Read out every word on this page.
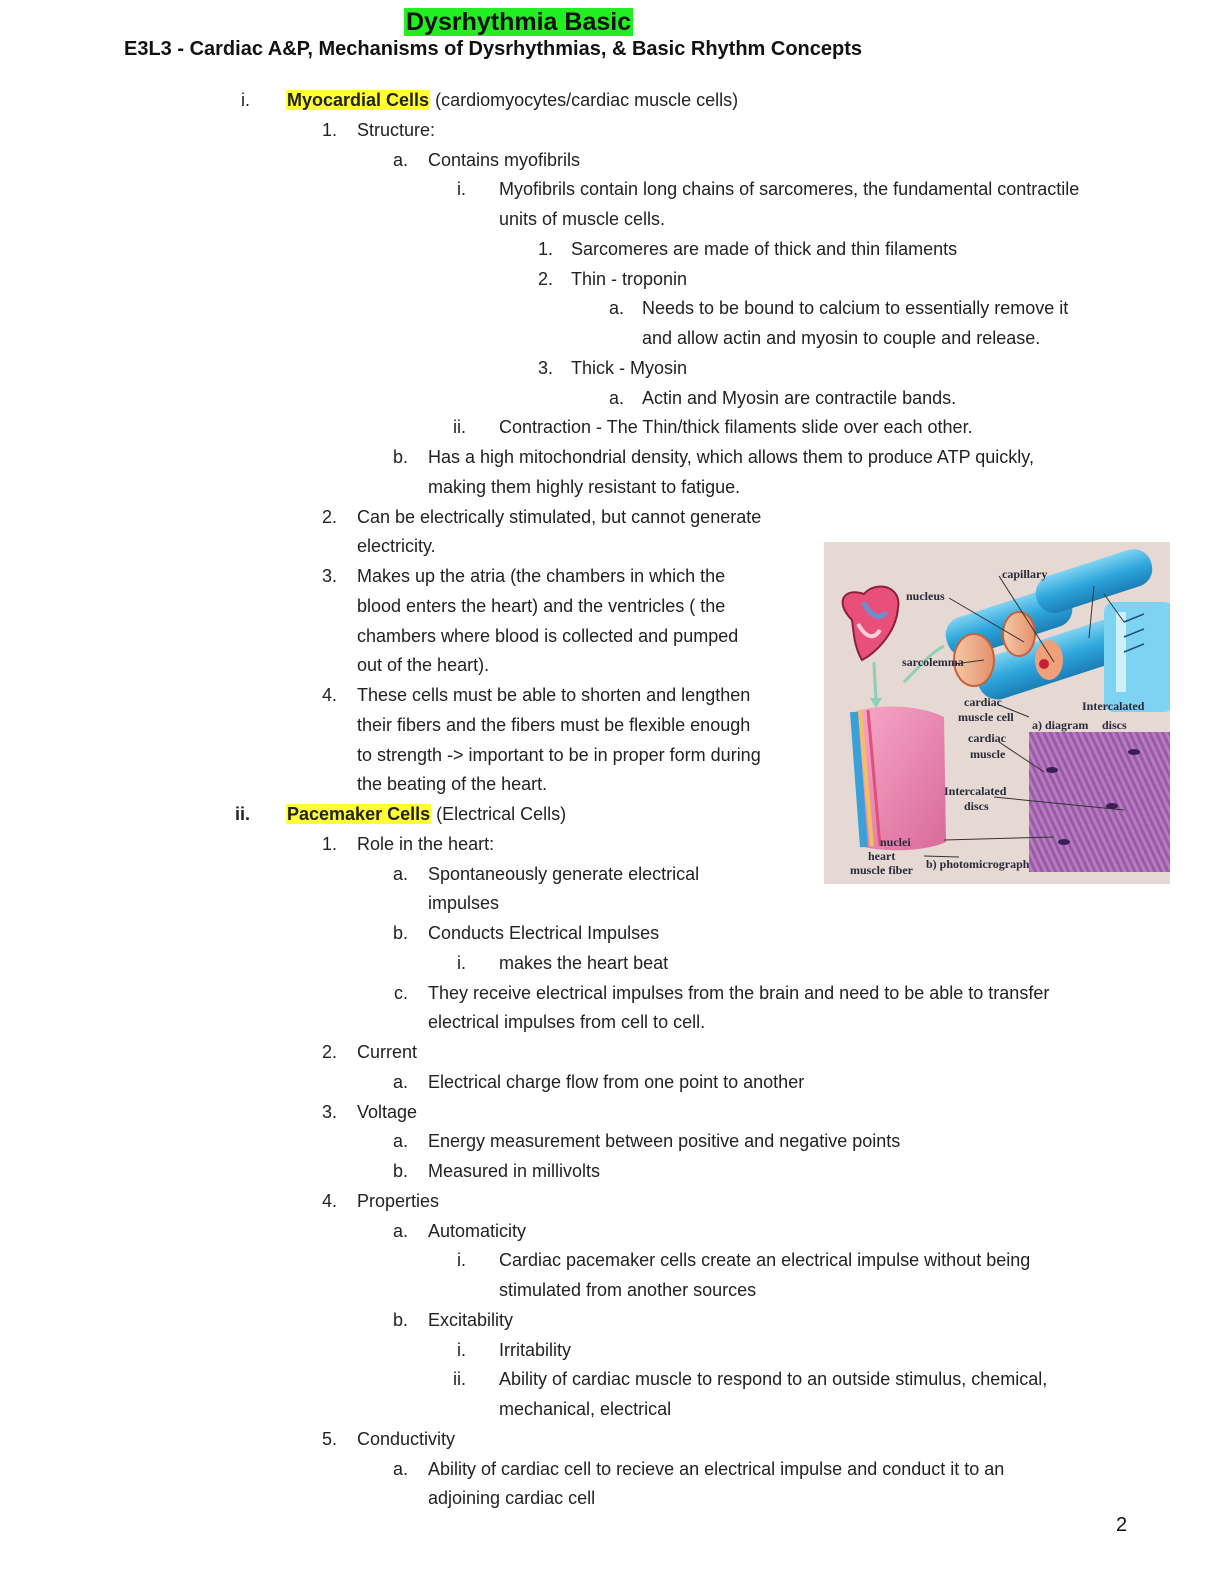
Dysrhythmia Basic
E3L3 - Cardiac A&P, Mechanisms of Dysrhythmias, & Basic Rhythm Concepts
i. Myocardial Cells (cardiomyocytes/cardiac muscle cells)
1. Structure:
a. Contains myofibrils
i. Myofibrils contain long chains of sarcomeres, the fundamental contractile
units of muscle cells.
1. Sarcomeres are made of thick and thin filaments
2. Thin - troponin
a. Needs to be bound to calcium to essentially remove it
and allow actin and myosin to couple and release.
3. Thick - Myosin
a. Actin and Myosin are contractile bands.
ii. Contraction - The Thin/thick filaments slide over each other.
b. Has a high mitochondrial density, which allows them to produce ATP quickly,
making them highly resistant to fatigue.
2. Can be electrically stimulated, but cannot generate
electricity.
3. Makes up the atria (the chambers in which the
blood enters the heart) and the ventricles ( the
chambers where blood is collected and pumped
out of the heart).
4. These cells must be able to shorten and lengthen
their fibers and the fibers must be flexible enough
to strength -> important to be in proper form during
the beating of the heart.
ii. Pacemaker Cells (Electrical Cells)
1. Role in the heart:
a. Spontaneously generate electrical
impulses
b. Conducts Electrical Impulses
i. makes the heart beat
c. They receive electrical impulses from the brain and need to be able to transfer
electrical impulses from cell to cell.
2. Current
a. Electrical charge flow from one point to another
3. Voltage
a. Energy measurement between positive and negative points
b. Measured in millivolts
4. Properties
a. Automaticity
i. Cardiac pacemaker cells create an electrical impulse without being
stimulated from another sources
b. Excitability
i. Irritability
ii. Ability of cardiac muscle to respond to an outside stimulus, chemical,
mechanical, electrical
5. Conductivity
a. Ability of cardiac cell to recieve an electrical impulse and conduct it to an
adjoining cardiac cell
capillary
nucleus
sarcolemma
cardiac
muscle cell
Intercalated
a) diagram discs
cardiac
muscle
Intercalated
discs
nuclei
heart
muscle fiber b) photomicrograph
2
